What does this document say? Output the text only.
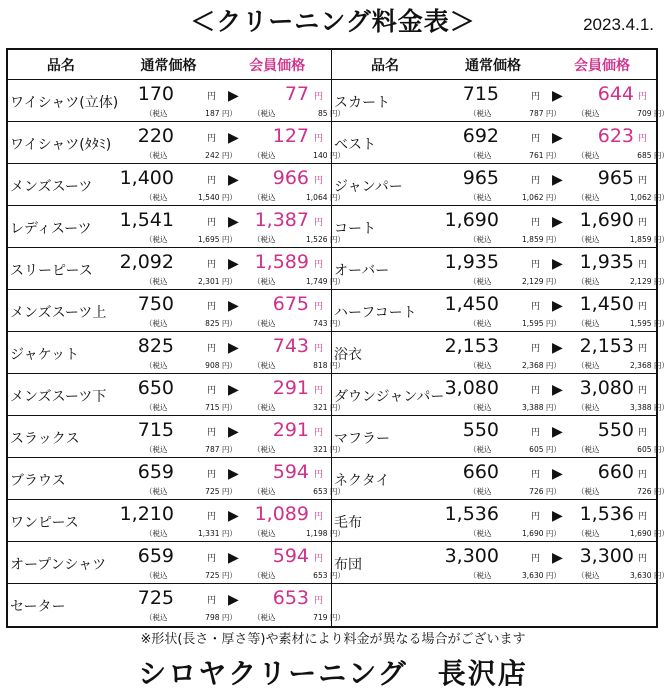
＜クリーニング料金表＞	2023.4.1.
品名	通常価格	会員価格
ワイシャツ(立体) 170	円 ▶ 77 円
（税込	187 円） （税込	85 円）
ワイシャツ(ﾀﾀﾐ) 220	円 ▶ 127 円
（税込	242 円） （税込	140 円）
メンズスーツ 1,400	円 ▶ 966 円
（税込	1,540 円） （税込	1,064 円）
レディスーツ 1,541	円 ▶ 1,387 円
（税込	1,695 円） （税込	1,526 円）
スリーピース 2,092	円 ▶ 1,589 円
（税込	2,301 円） （税込	1,749 円）
メンズスーツ上 750	円 ▶ 675 円
（税込	825 円） （税込	743 円）
ジャケット	825	円 ▶ 743 円
（税込	908 円） （税込	818 円）
メンズスーツ下 650	円 ▶ 291 円
（税込	715 円） （税込	321 円）
スラックス	715	円 ▶ 291 円
（税込	787 円） （税込	321 円）
ブラウス	659	円 ▶ 594 円
（税込	725 円） （税込	653 円）
ワンピース 1,210	円 ▶ 1,089 円
（税込	1,331 円） （税込	1,198 円）
オープンシャツ 659	円 ▶ 594 円
（税込	725 円） （税込	653 円）
セーター	725	円 ▶ 653 円
（税込	798 円） （税込	719 円）
品名	通常価格	会員価格
スカート	715	円 ▶ 644 円
（税込	787 円） （税込	709 円）
ベスト	692	円 ▶ 623 円
（税込	761 円） （税込	685 円）
ジャンパー	965	円 ▶ 965 円
（税込	1,062 円） （税込	1,062 円）
コート	1,690	円 ▶ 1,690 円
（税込	1,859 円） （税込	1,859 円）
オーバー	1,935	円 ▶ 1,935 円
（税込	2,129 円） （税込	2,129 円）
ハーフコート 1,450	円 ▶ 1,450 円
（税込	1,595 円） （税込	1,595 円）
浴衣	2,153	円 ▶ 2,153 円
（税込	2,368 円） （税込	2,368 円）
ダウンジャンパー 3,080	円 ▶ 3,080 円
（税込	3,388 円） （税込	3,388 円）
マフラー	550	円 ▶ 550 円
（税込	605 円） （税込	605 円）
ネクタイ	660	円 ▶ 660 円
（税込	726 円） （税込	726 円）
毛布	1,536	円 ▶ 1,536 円
（税込	1,690 円） （税込	1,690 円）
布団	3,300	円 ▶ 3,300 円
（税込	3,630 円） （税込	3,630 円）
※形状(長さ・厚さ等)や素材により料金が異なる場合がございます
シロヤクリーニング　長沢店
